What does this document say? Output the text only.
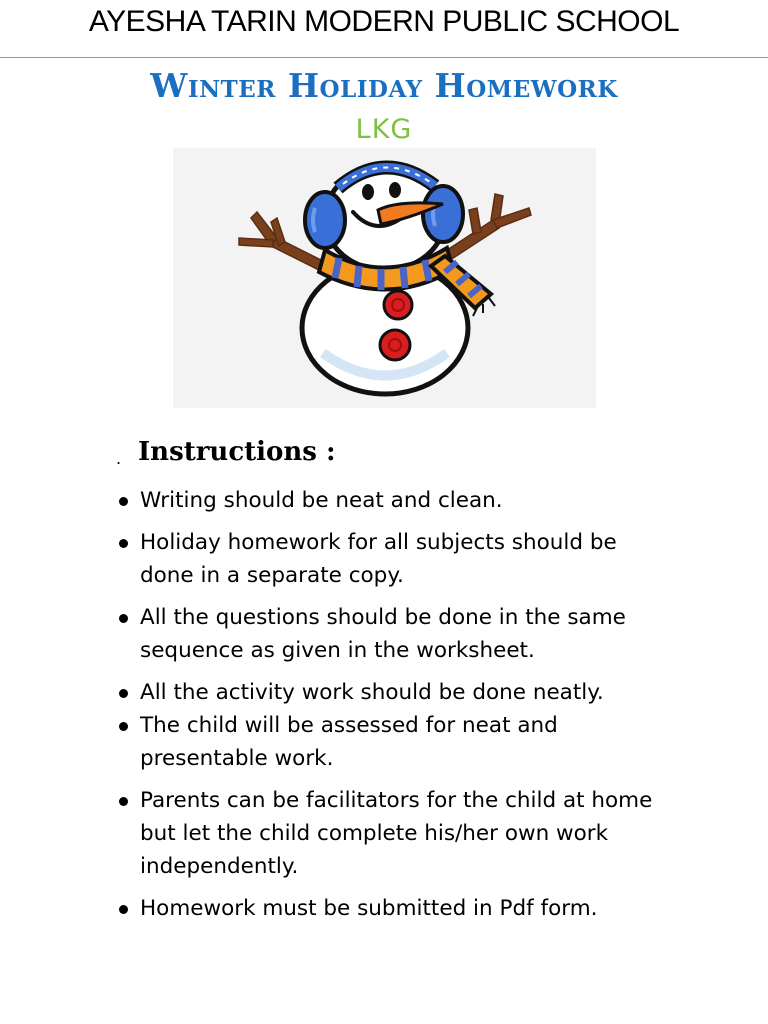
AYESHA TARIN MODERN PUBLIC SCHOOL
Winter Holiday Homework
LKG
. Instructions :
Writing should be neat and clean.
Holiday homework for all subjects should be done in a separate copy.
All the questions should be done in the same sequence as given in the worksheet.
All the activity work should be done neatly.
The child will be assessed for neat and presentable work.
Parents can be facilitators for the child at home but let the child complete his/her own work independently.
Homework must be submitted in Pdf form.
